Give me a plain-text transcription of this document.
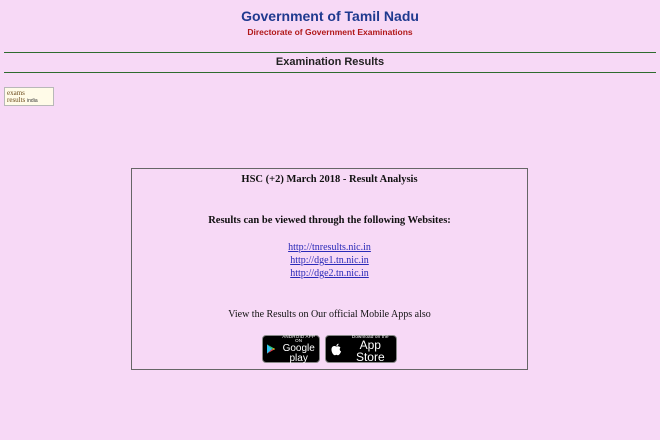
Government of Tamil Nadu
Directorate of Government Examinations
Examination Results
exams
results india
HSC (+2) March 2018 - Result Analysis
Results can be viewed through the following Websites:
http://tnresults.nic.in
http://dge1.tn.nic.in
http://dge2.tn.nic.in
View the Results on Our official Mobile Apps also
ANDROID APP ON
Google play
Download on the
App Store
